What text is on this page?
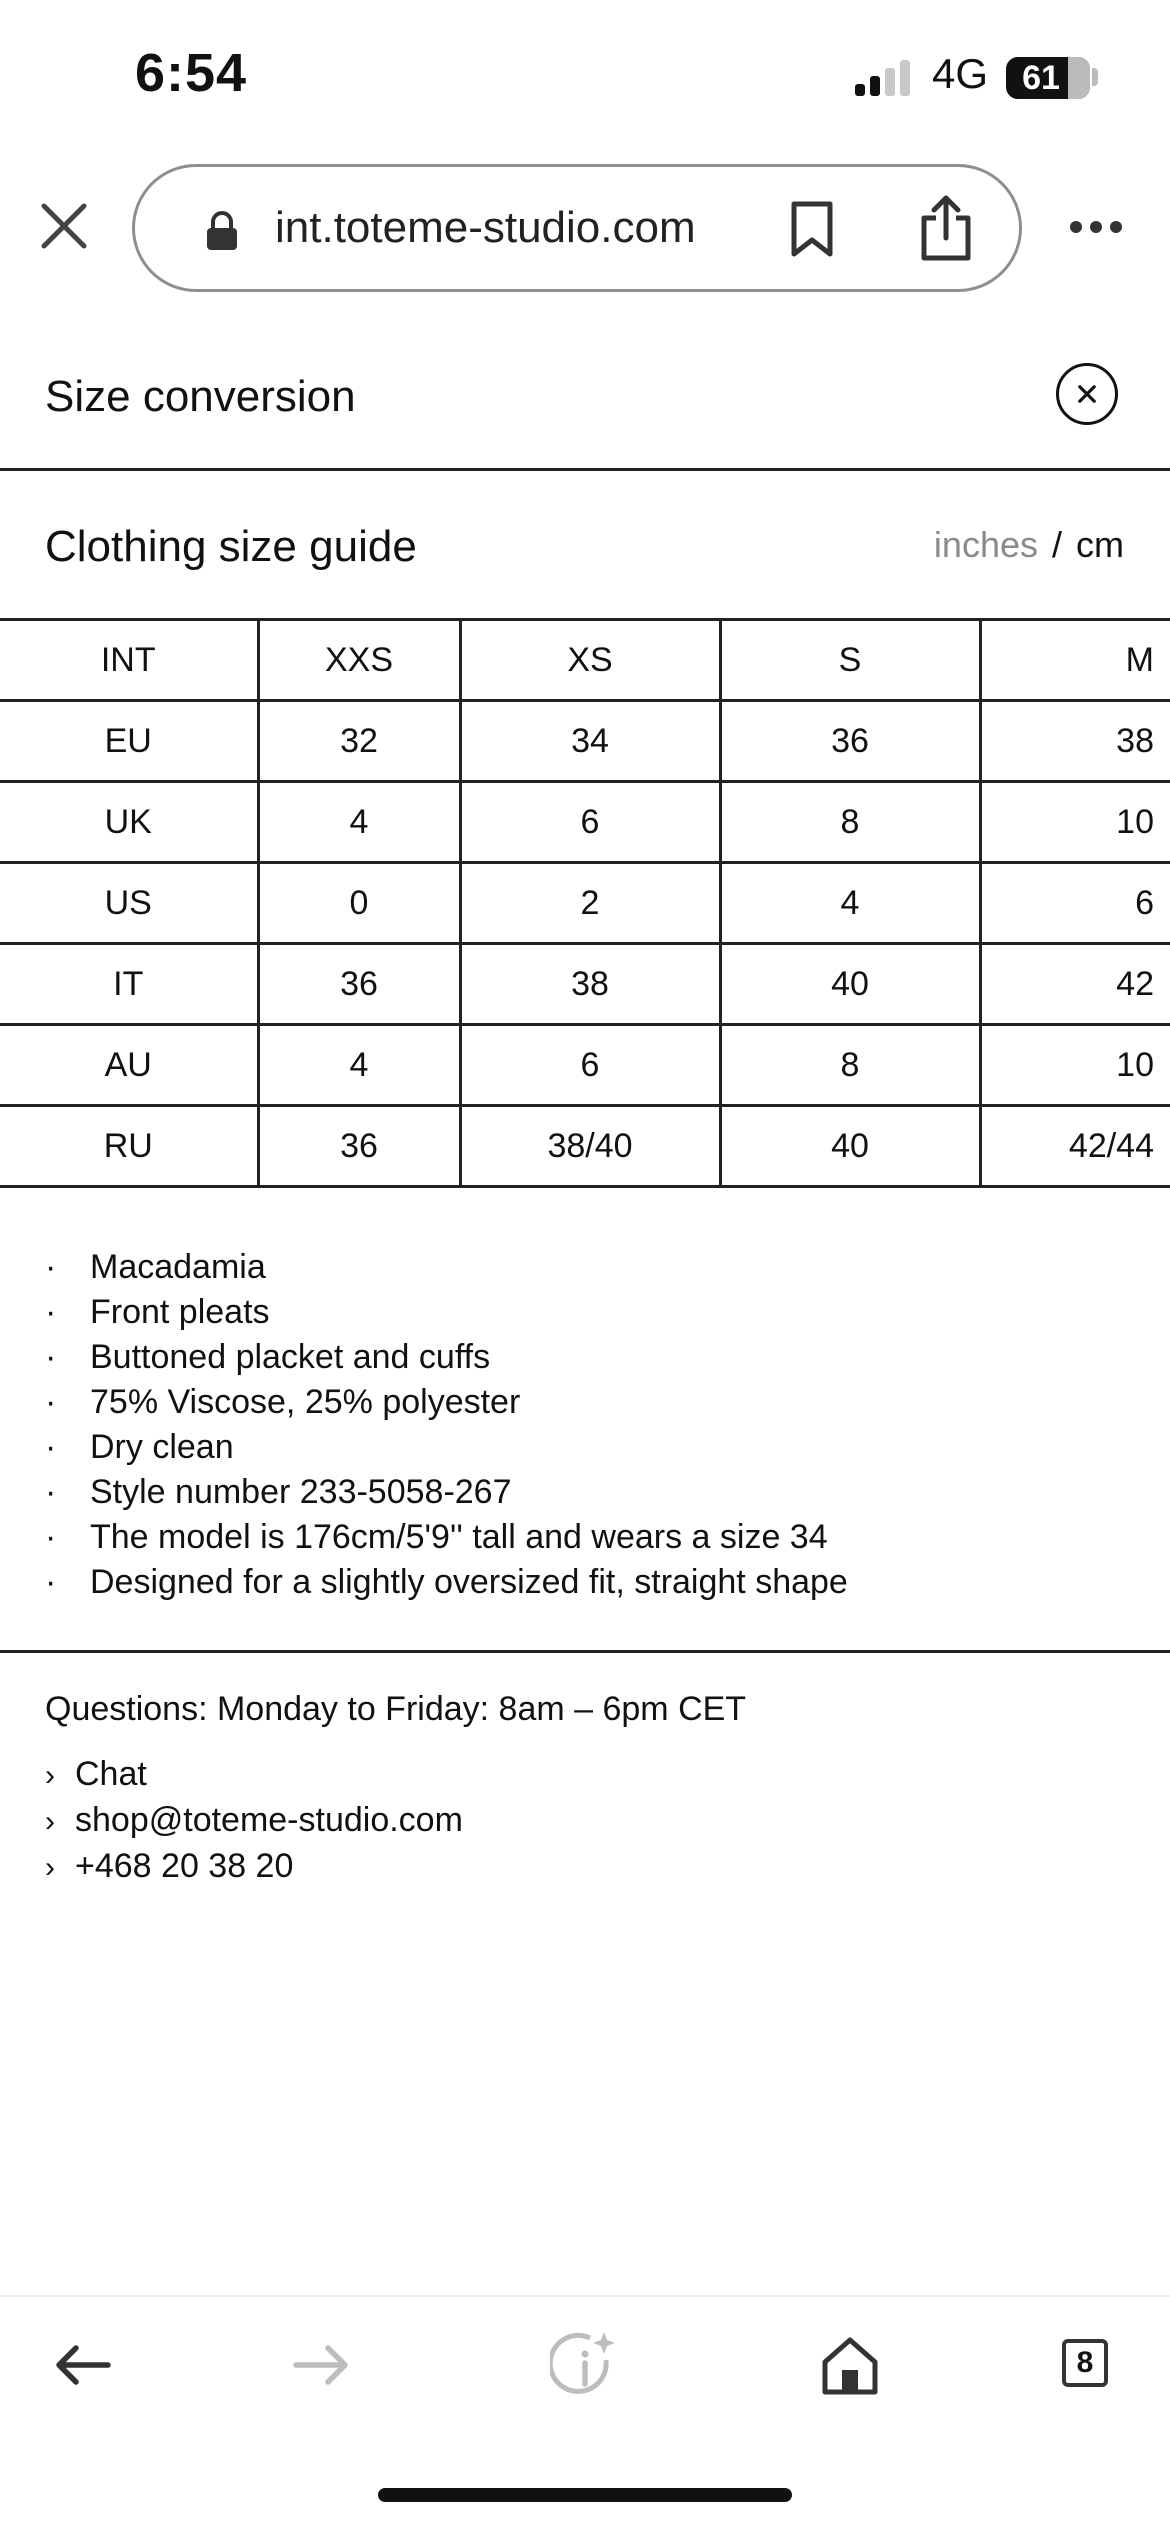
6:54	4G	61
int.toteme-studio.com
Size conversion
Clothing size guide	inches / cm
INT	XXS	XS	S	M
EU	32	34	36	38
UK	4	6	8	10
US	0	2	4	6
IT	36	38	40	42
AU	4	6	8	10
RU	36	38/40	40	42/44
· Macadamia
· Front pleats
· Buttoned placket and cuffs
· 75% Viscose, 25% polyester
· Dry clean
· Style number 233-5058-267
· The model is 176cm/5'9'' tall and wears a size 34
· Designed for a slightly oversized fit, straight shape
Questions: Monday to Friday: 8am – 6pm CET
› Chat
› shop@toteme-studio.com
› +468 20 38 20
8
